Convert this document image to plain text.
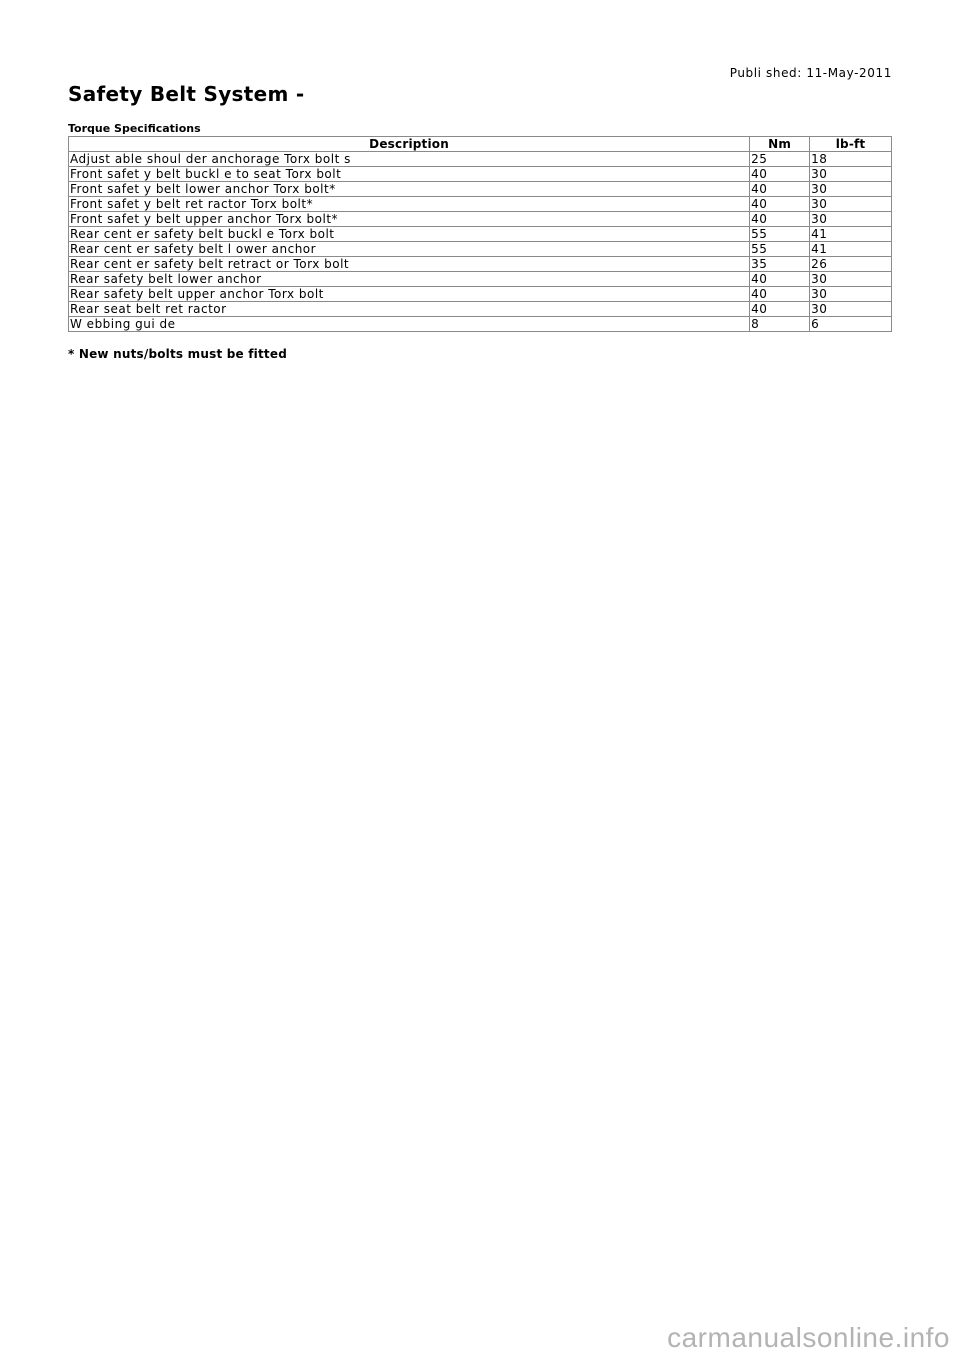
Publi shed: 11-May-2011
Safety Belt System -
Torque Specifications
Description	Nm	lb-ft
Adjust able shoul der anchorage Torx bolt s	25	18
Front safet y belt buckl e to seat Torx bolt	40	30
Front safet y belt lower anchor Torx bolt*	40	30
Front safet y belt ret ractor Torx bolt*	40	30
Front safet y belt upper anchor Torx bolt*	40	30
Rear cent er safety belt buckl e Torx bolt	55	41
Rear cent er safety belt l ower anchor	55	41
Rear cent er safety belt retract or Torx bolt	35	26
Rear safety belt lower anchor	40	30
Rear safety belt upper anchor Torx bolt	40	30
Rear seat belt ret ractor	40	30
W ebbing gui de	8	6
* New nuts/bolts must be fitted
carmanualsonline.info
